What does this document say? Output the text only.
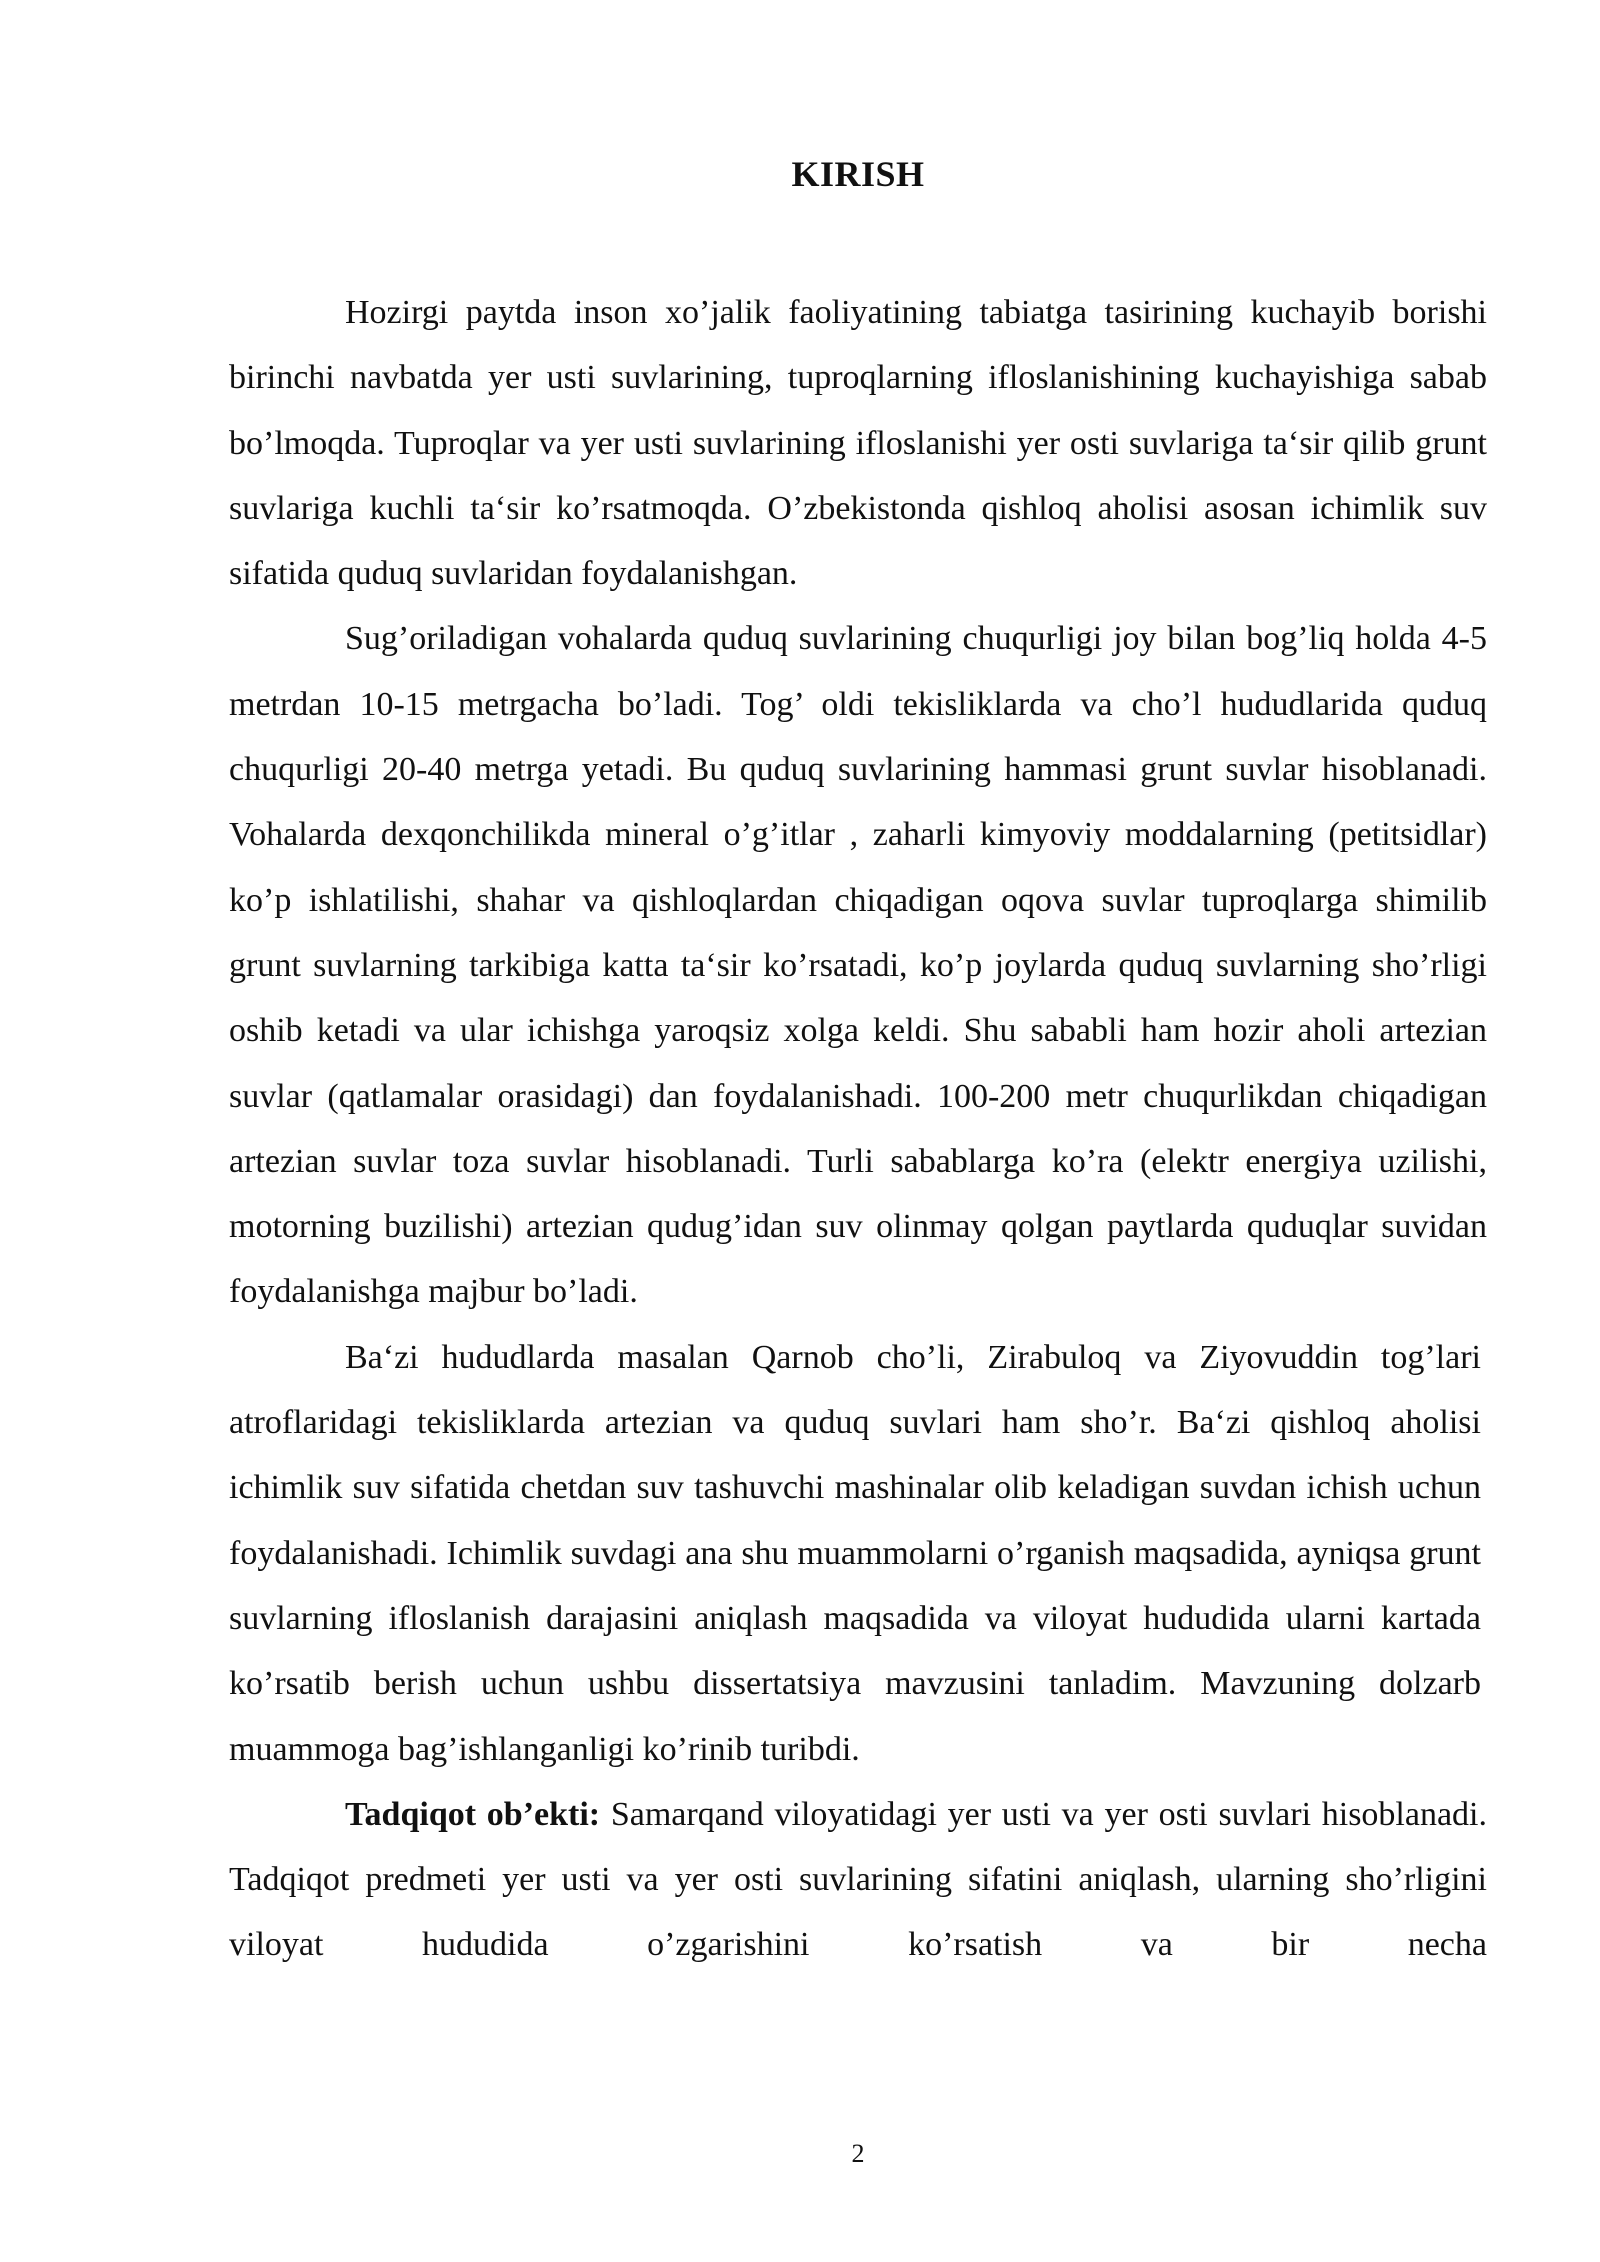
KIRISH

Hozirgi paytda inson xo’jalik faoliyatining tabiatga tasirining kuchayib borishi birinchi navbatda yer usti suvlarining, tuproqlarning ifloslanishining kuchayishiga sabab bo’lmoqda. Tuproqlar va yer usti suvlarining ifloslanishi yer osti suvlariga ta‘sir qilib grunt suvlariga kuchli ta‘sir ko’rsatmoqda. O’zbekistonda qishloq aholisi asosan ichimlik suv sifatida quduq suvlaridan foydalanishgan.

Sug’oriladigan vohalarda quduq suvlarining chuqurligi joy bilan bog’liq holda 4-5 metrdan 10-15 metrgacha bo’ladi. Tog’ oldi tekisliklarda va cho’l hududlarida quduq chuqurligi 20-40 metrga yetadi. Bu quduq suvlarining hammasi grunt suvlar hisoblanadi. Vohalarda dexqonchilikda mineral o’g’itlar , zaharli kimyoviy moddalarning (petitsidlar) ko’p ishlatilishi, shahar va qishloqlardan chiqadigan oqova suvlar tuproqlarga shimilib grunt suvlarning tarkibiga katta ta‘sir ko’rsatadi, ko’p joylarda quduq suvlarning sho’rligi oshib ketadi va ular ichishga yaroqsiz xolga keldi. Shu sababli ham hozir aholi artezian suvlar (qatlamalar orasidagi) dan foydalanishadi. 100-200 metr chuqurlikdan chiqadigan artezian suvlar toza suvlar hisoblanadi. Turli sabablarga ko’ra (elektr energiya uzilishi, motorning buzilishi) artezian qudug’idan suv olinmay qolgan paytlarda quduqlar suvidan foydalanishga majbur bo’ladi.

Ba‘zi hududlarda masalan Qarnob cho’li, Zirabuloq va Ziyovuddin tog’lari atroflaridagi tekisliklarda artezian va quduq suvlari ham sho’r. Ba‘zi qishloq aholisi ichimlik suv sifatida chetdan suv tashuvchi mashinalar olib keladigan suvdan ichish uchun foydalanishadi. Ichimlik suvdagi ana shu muammolarni o’rganish maqsadida, ayniqsa grunt suvlarning ifloslanish darajasini aniqlash maqsadida va viloyat hududida ularni kartada ko’rsatib berish uchun ushbu dissertatsiya mavzusini tanladim. Mavzuning dolzarb muammoga bag’ishlanganligi ko’rinib turibdi.

Tadqiqot ob’ekti: Samarqand viloyatidagi yer usti va yer osti suvlari hisoblanadi. Tadqiqot predmeti yer usti va yer osti suvlarining sifatini aniqlash, ularning sho’rligini viloyat hududida o’zgarishini ko’rsatish va bir necha

2
